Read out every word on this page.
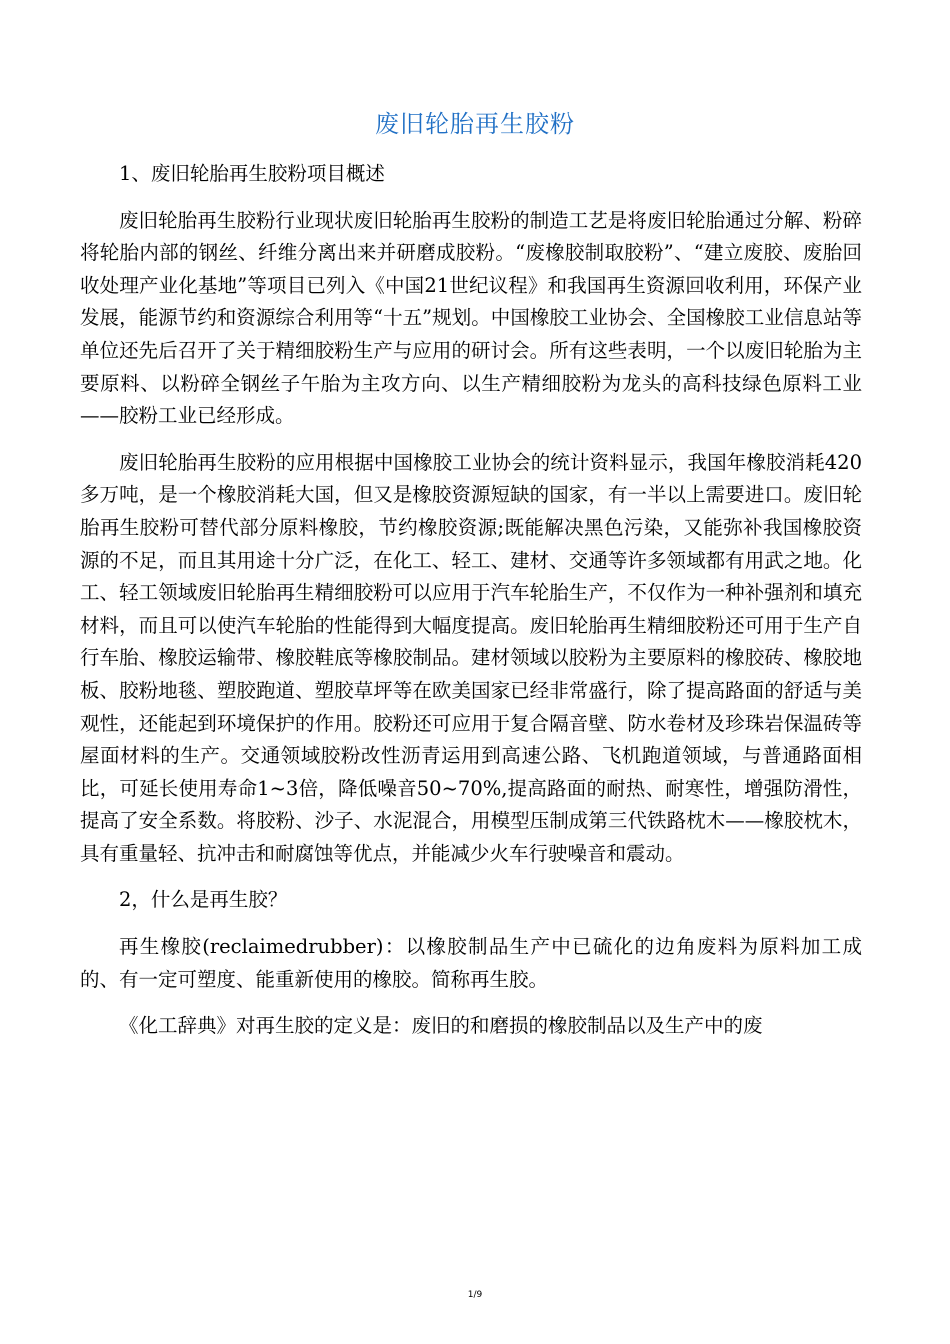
废旧轮胎再生胶粉

1、废旧轮胎再生胶粉项目概述

废旧轮胎再生胶粉行业现状废旧轮胎再生胶粉的制造工艺是将废旧轮胎通过分解、粉碎将轮胎内部的钢丝、纤维分离出来并研磨成胶粉。“废橡胶制取胶粉”、“建立废胶、废胎回收处理产业化基地”等项目已列入《中国21世纪议程》和我国再生资源回收利用，环保产业发展，能源节约和资源综合利用等“十五”规划。中国橡胶工业协会、全国橡胶工业信息站等单位还先后召开了关于精细胶粉生产与应用的研讨会。所有这些表明，一个以废旧轮胎为主要原料、以粉碎全钢丝子午胎为主攻方向、以生产精细胶粉为龙头的高科技绿色原料工业——胶粉工业已经形成。

废旧轮胎再生胶粉的应用根据中国橡胶工业协会的统计资料显示，我国年橡胶消耗420多万吨，是一个橡胶消耗大国，但又是橡胶资源短缺的国家，有一半以上需要进口。废旧轮胎再生胶粉可替代部分原料橡胶，节约橡胶资源;既能解决黑色污染，又能弥补我国橡胶资源的不足，而且其用途十分广泛，在化工、轻工、建材、交通等许多领域都有用武之地。化工、轻工领域废旧轮胎再生精细胶粉可以应用于汽车轮胎生产，不仅作为一种补强剂和填充材料，而且可以使汽车轮胎的性能得到大幅度提高。废旧轮胎再生精细胶粉还可用于生产自行车胎、橡胶运输带、橡胶鞋底等橡胶制品。建材领域以胶粉为主要原料的橡胶砖、橡胶地板、胶粉地毯、塑胶跑道、塑胶草坪等在欧美国家已经非常盛行，除了提高路面的舒适与美观性，还能起到环境保护的作用。胶粉还可应用于复合隔音壁、防水卷材及珍珠岩保温砖等屋面材料的生产。交通领域胶粉改性沥青运用到高速公路、飞机跑道领域，与普通路面相比，可延长使用寿命1~3倍，降低噪音50~70%,提高路面的耐热、耐寒性，增强防滑性，提高了安全系数。将胶粉、沙子、水泥混合，用模型压制成第三代铁路枕木——橡胶枕木，具有重量轻、抗冲击和耐腐蚀等优点，并能减少火车行驶噪音和震动。

2，什么是再生胶？

再生橡胶(reclaimedrubber)：以橡胶制品生产中已硫化的边角废料为原料加工成的、有一定可塑度、能重新使用的橡胶。简称再生胶。

《化工辞典》对再生胶的定义是：废旧的和磨损的橡胶制品以及生产中的废

1/9
